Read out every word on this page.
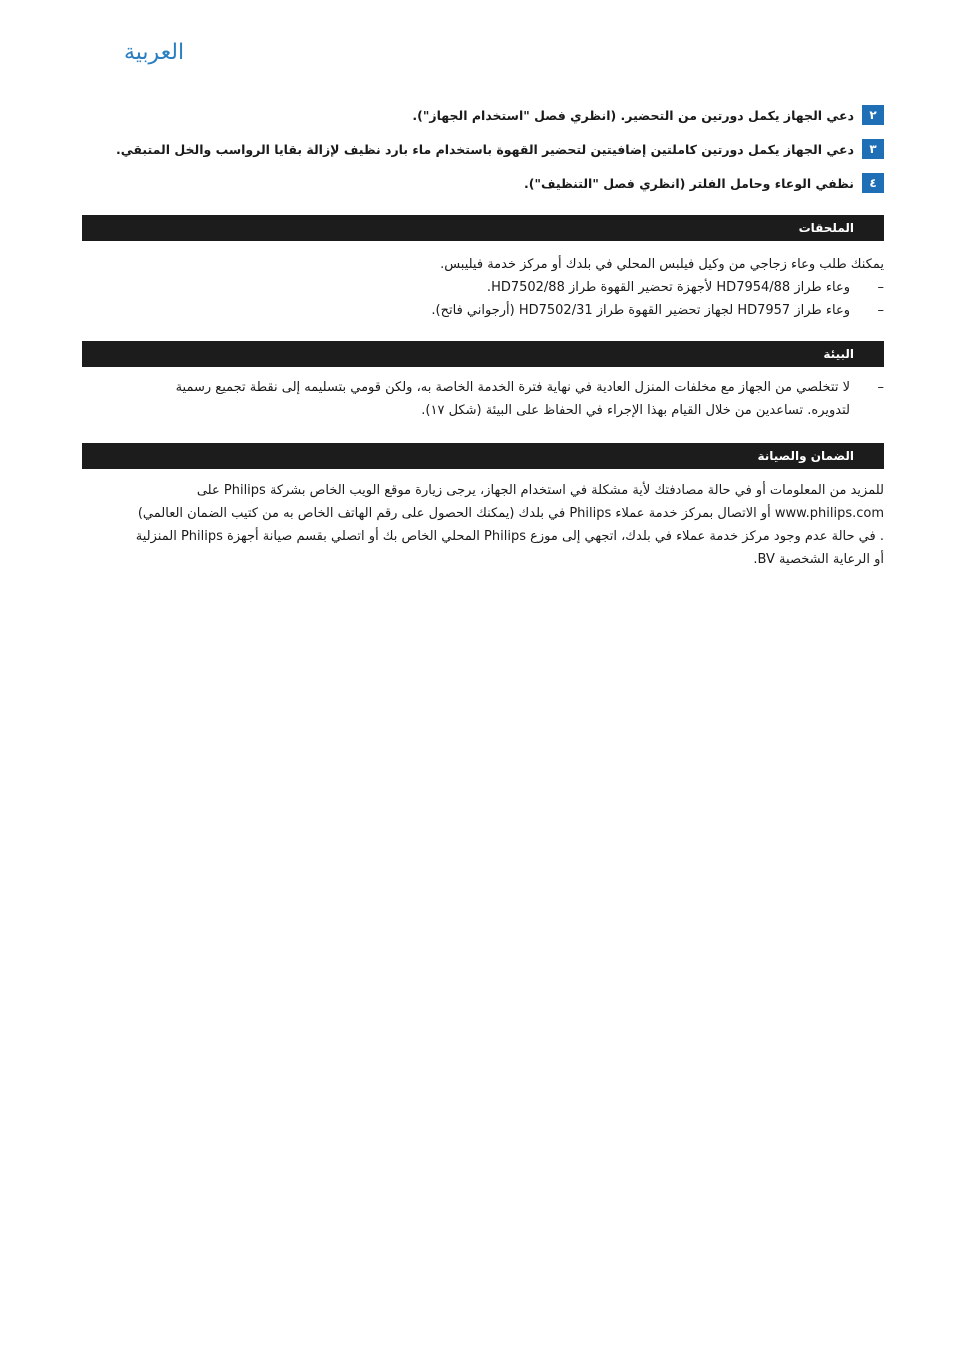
العربية
٢
دعي الجهاز يكمل دورتين من التحضير. (انظري فصل "استخدام الجهاز").
٣
دعي الجهاز يكمل دورتين كاملتين إضافيتين لتحضير القهوة باستخدام ماء بارد نظيف لإزالة بقايا الرواسب والخل المتبقي.
٤
نظفي الوعاء وحامل الفلتر (انظري فصل "التنظيف").
الملحقات

يمكنك طلب وعاء زجاجي من وكيل فيلبس المحلي في بلدك أو مركز خدمة فيليبس.

–
وعاء طراز HD7954/88 لأجهزة تحضير القهوة طراز HD7502/88.
–
وعاء طراز HD7957 لجهاز تحضير القهوة طراز HD7502/31 (أرجواني فاتح).
البيئة
–
لا تتخلصي من الجهاز مع مخلفات المنزل العادية في نهاية فترة الخدمة الخاصة به، ولكن قومي بتسليمه إلى نقطة تجميع رسمية
لتدويره. تساعدين من خلال القيام بهذا الإجراء في الحفاظ على البيئة (شكل ١٧).
الضمان والصيانة

للمزيد من المعلومات أو في حالة مصادفتك لأية مشكلة في استخدام الجهاز، يرجى زيارة موقع الويب الخاص بشركة Philips على

www.philips.com أو الاتصال بمركز خدمة عملاء Philips في بلدك (يمكنك الحصول على رقم الهاتف الخاص به من كتيب الضمان العالمي)

. في حالة عدم وجود مركز خدمة عملاء في بلدك، اتجهي إلى موزع Philips المحلي الخاص بك أو اتصلي بقسم صيانة أجهزة Philips المنزلية

أو الرعاية الشخصية BV.
